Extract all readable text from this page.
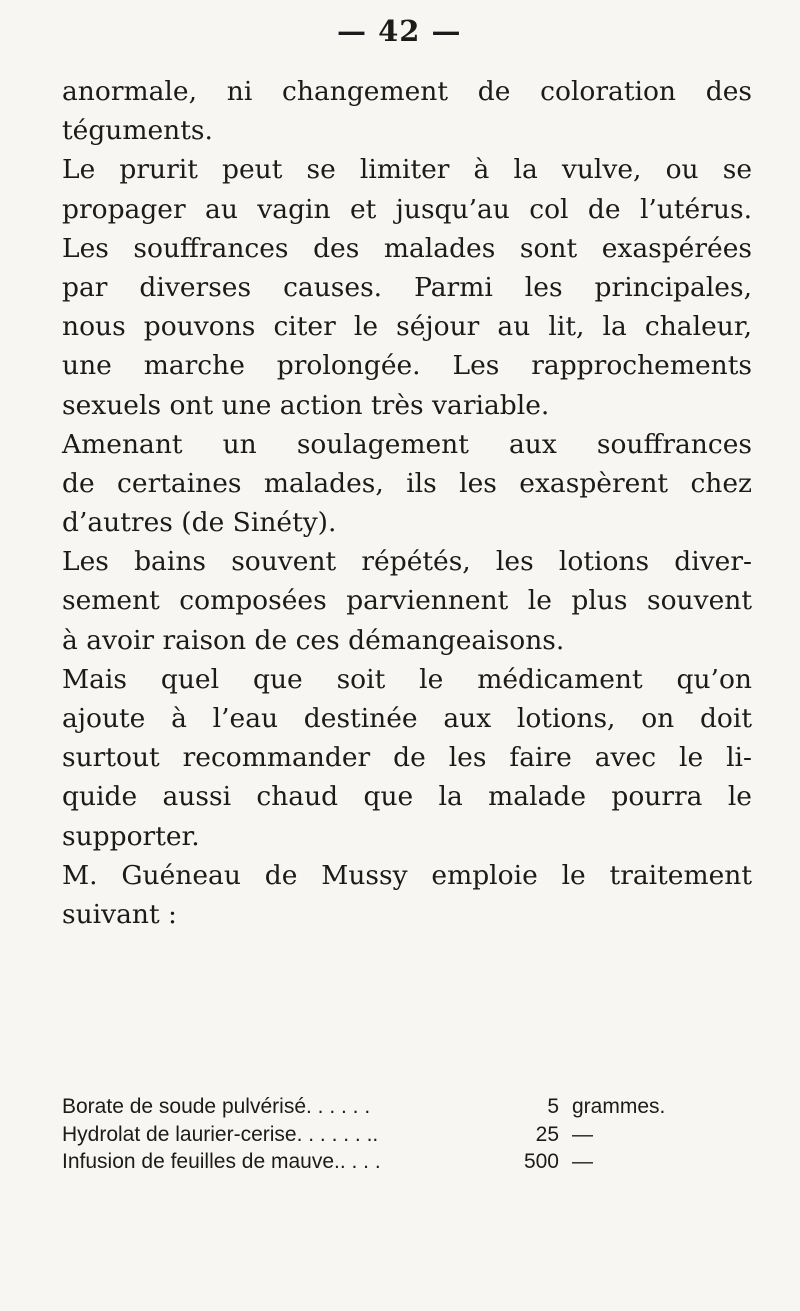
— 42 —
anormale, ni changement de coloration des
téguments.
Le prurit peut se limiter à la vulve, ou se
propager au vagin et jusqu’au col de l’utérus.
Les souffrances des malades sont exaspérées
par diverses causes. Parmi les principales,
nous pouvons citer le séjour au lit, la chaleur,
une marche prolongée. Les rapprochements
sexuels ont une action très variable.
Amenant un soulagement aux souffrances
de certaines malades, ils les exaspèrent chez
d’autres (de Sinéty).
Les bains souvent répétés, les lotions diver-
sement composées parviennent le plus souvent
à avoir raison de ces démangeaisons.
Mais quel que soit le médicament qu’on
ajoute à l’eau destinée aux lotions, on doit
surtout recommander de les faire avec le li-
quide aussi chaud que la malade pourra le
supporter.
M. Guéneau de Mussy emploie le traitement
suivant :
Borate de soude pulvérisé. . . . . .	5 grammes.
Hydrolat de laurier-cerise. . . . . . ..	25 —
Infusion de feuilles de mauve.. . . .	500 —
